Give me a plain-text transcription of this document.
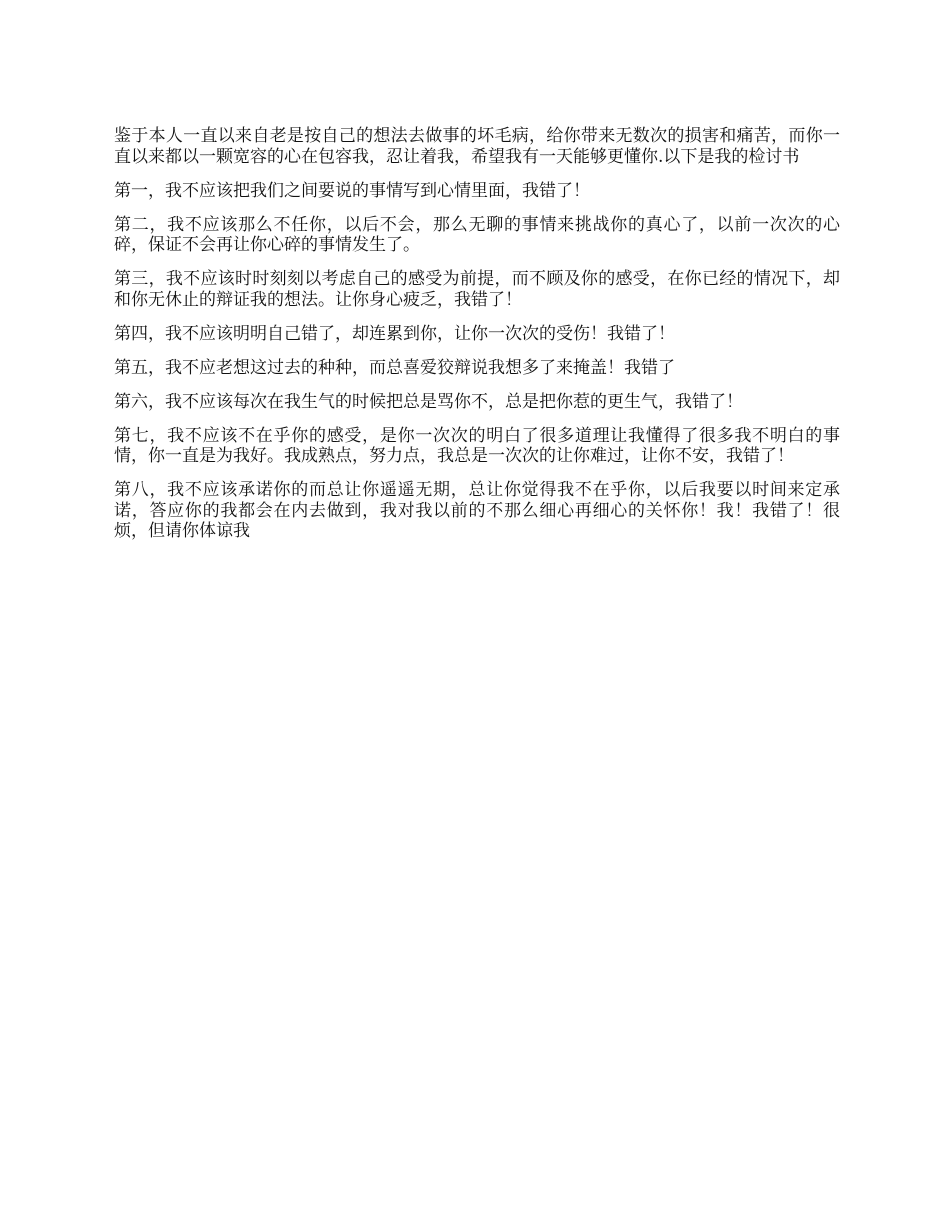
鉴于本人一直以来自老是按自己的想法去做事的坏毛病，给你带来无数次的损害和痛苦，而你一直以来都以一颗宽容的心在包容我，忍让着我，希望我有一天能够更懂你.以下是我的检讨书

第一，我不应该把我们之间要说的事情写到心情里面，我错了！

第二，我不应该那么不任你，以后不会，那么无聊的事情来挑战你的真心了，以前一次次的心碎，保证不会再让你心碎的事情发生了。

第三，我不应该时时刻刻以考虑自己的感受为前提，而不顾及你的感受，在你已经的情况下，却和你无休止的辩证我的想法。让你身心疲乏，我错了！

第四，我不应该明明自己错了，却连累到你，让你一次次的受伤！我错了！

第五，我不应老想这过去的种种，而总喜爱狡辩说我想多了来掩盖！我错了

第六，我不应该每次在我生气的时候把总是骂你不，总是把你惹的更生气，我错了！

第七，我不应该不在乎你的感受，是你一次次的明白了很多道理让我懂得了很多我不明白的事情，你一直是为我好。我成熟点，努力点，我总是一次次的让你难过，让你不安，我错了！

第八，我不应该承诺你的而总让你遥遥无期，总让你觉得我不在乎你，以后我要以时间来定承诺，答应你的我都会在内去做到，我对我以前的不那么细心再细心的关怀你！我！我错了！很烦，但请你体谅我
